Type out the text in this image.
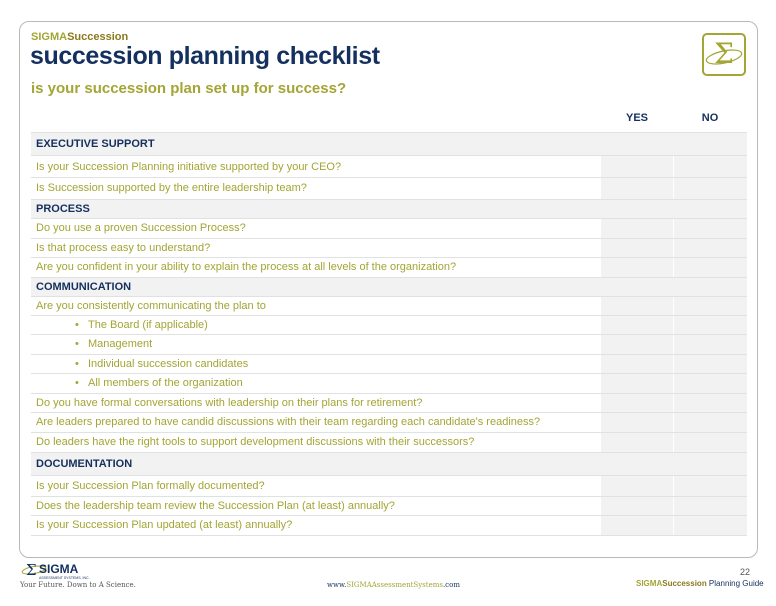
SIGMASuccession
succession planning checklist
is your succession plan set up for success?
Σ
YES	NO
EXECUTIVE SUPPORT
Is your Succession Planning initiative supported by your CEO?
Is Succession supported by the entire leadership team?
PROCESS
Do you use a proven Succession Process?
Is that process easy to understand?
Are you confident in your ability to explain the process at all levels of the organization?
COMMUNICATION
Are you consistently communicating the plan to
• The Board (if applicable)
• Management
• Individual succession candidates
• All members of the organization
Do you have formal conversations with leadership on their plans for retirement?
Are leaders prepared to have candid discussions with their team regarding each candidate's readiness?
Do leaders have the right tools to support development discussions with their successors?
DOCUMENTATION
Is your Succession Plan formally documented?
Does the leadership team review the Succession Plan (at least) annually?
Is your Succession Plan updated (at least) annually?
Σ SIGMA
ASSESSMENT SYSTEMS, INC.
Your Future. Down to A Science.	www.SIGMAAssessmentSystems.com
22
SIGMASuccession Planning Guide
